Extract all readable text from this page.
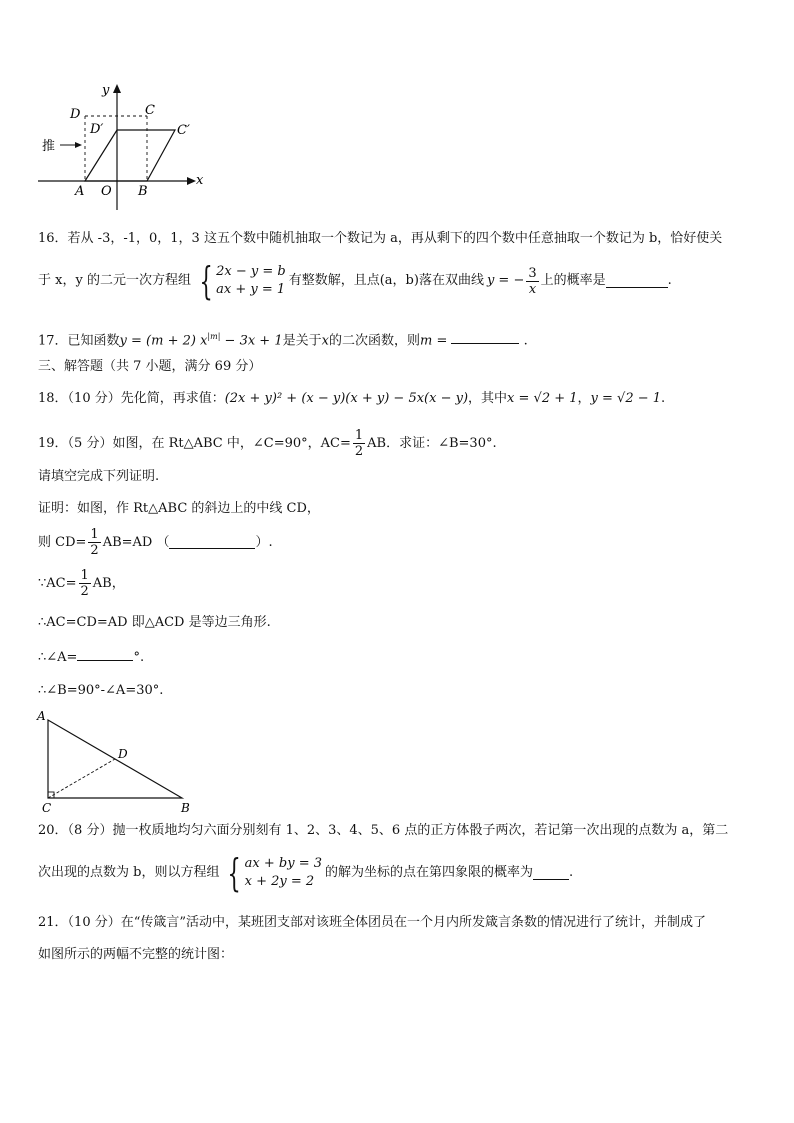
推
y
x
D	C
D′	C′
A O B
16．若从 -3，-1，0，1，3 这五个数中随机抽取一个数记为 a，再从剩下的四个数中任意抽取一个数记为 b，恰好使关
于 x，y 的二元一次方程组 { 2x − y = b
ax + y = 1
有整数解，且点(a，b)落在双曲线 y = − $\frac{3}{x}$ 上的概率是	.
17．已知函数y = (m + 2) $x^{|m|} - 3x + 1$是关于x的二次函数，则m =	.
三、解答题（共 7 小题，满分 69 分）
18．（10 分）先化简，再求值：(2x + y)² + (x − y)(x + y) − 5x(x − y)，其中x = √2 + 1，y = √2 − 1.
19．（5 分）如图，在 Rt△ABC 中，∠C=90°，$AC= \frac{1}{2}$ AB．求证：∠B=30°.
请填空完成下列证明.
证明：如图，作 Rt△ABC 的斜边上的中线 CD，
则 $CD= \frac{1}{2} AB=AD$ （	）.
∵AC= $\frac{1}{2}$ AB，
∴AC=CD=AD 即△ACD 是等边三角形.
∴∠A=	°.
∴∠B=90°-∠A=30°.
A
D
C	B
20．（8 分）抛一枚质地均匀六面分别刻有 1、2、3、4、5、6 点的正方体骰子两次，若记第一次出现的点数为 a，第二
次出现的点数为 b，则以方程组 { ax + by = 3
x + 2y = 2
的解为坐标的点在第四象限的概率为	.
21．（10 分）在“传箴言”活动中，某班团支部对该班全体团员在一个月内所发箴言条数的情况进行了统计，并制成了
如图所示的两幅不完整的统计图：
